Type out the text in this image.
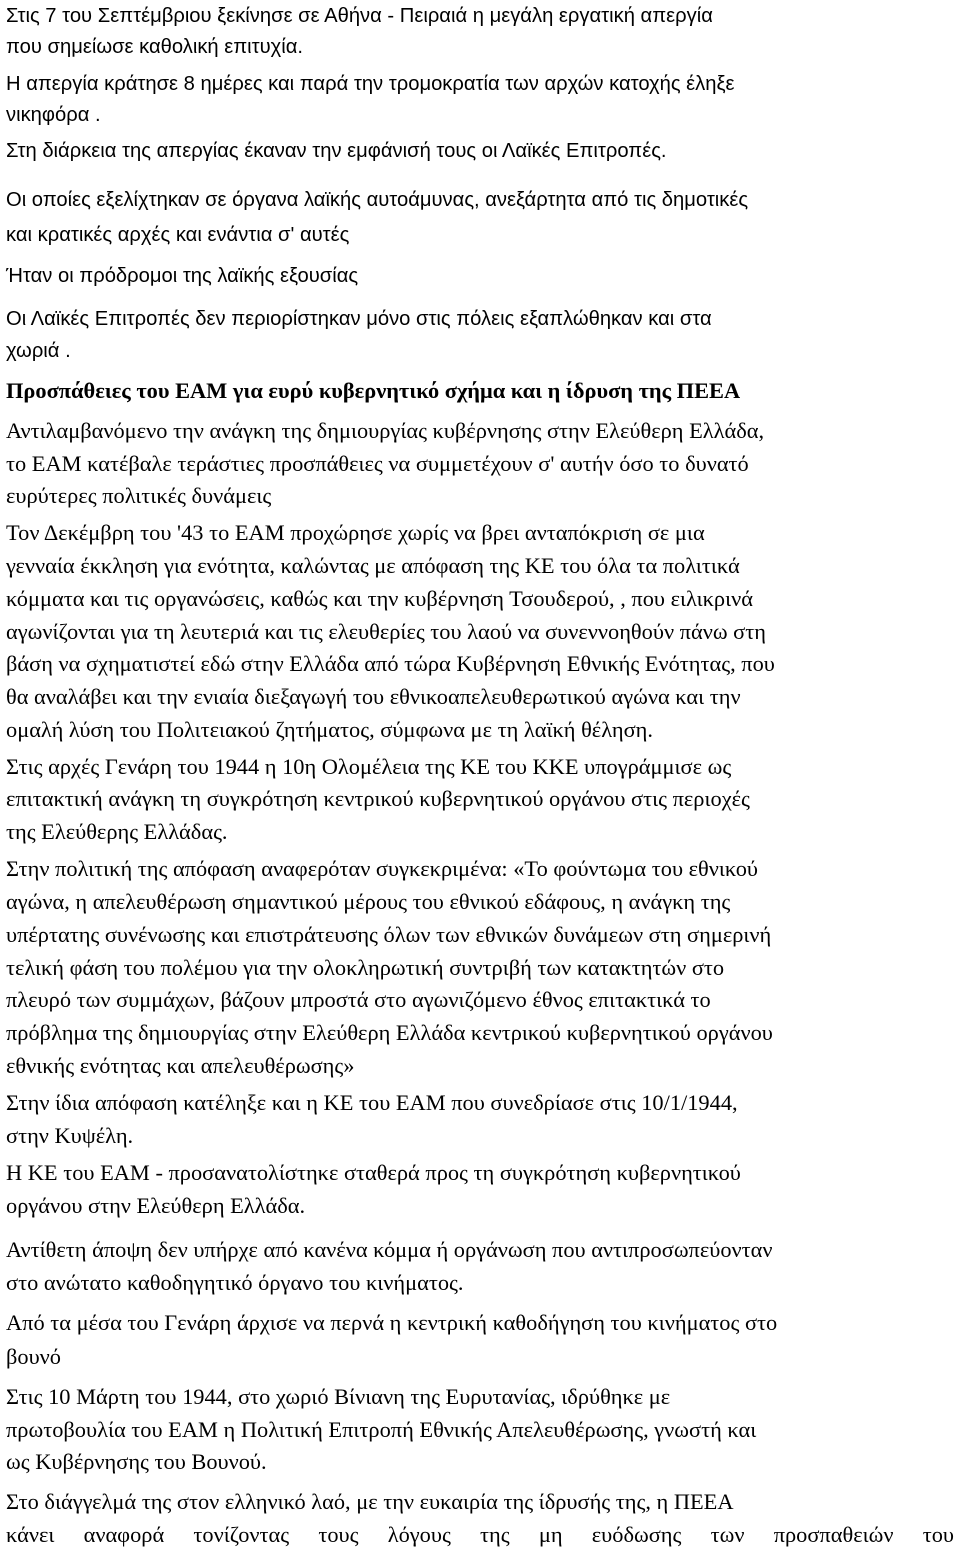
Στις 7 του Σεπτέμβριου ξεκίνησε σε Αθήνα - Πειραιά η μεγάλη εργατική απεργία
που σημείωσε καθολική επιτυχία.
Η απεργία κράτησε 8 ημέρες και παρά την τρομοκρατία των αρχών κατοχής έληξε
νικηφόρα .
Στη διάρκεια της απεργίας έκαναν την εμφάνισή τους οι Λαϊκές Επιτροπές.
Οι οποίες εξελίχτηκαν σε όργανα λαϊκής αυτοάμυνας, ανεξάρτητα από τις δημοτικές
και κρατικές αρχές και ενάντια σ' αυτές
Ήταν οι πρόδρομοι της λαϊκής εξουσίας
Οι Λαϊκές Επιτροπές δεν περιορίστηκαν μόνο στις πόλεις εξαπλώθηκαν και στα
χωριά .
Προσπάθειες του ΕΑΜ για ευρύ κυβερνητικό σχήμα και η ίδρυση της ΠΕΕΑ
Αντιλαμβανόμενο την ανάγκη της δημιουργίας κυβέρνησης στην Ελεύθερη Ελλάδα,
το ΕΑΜ κατέβαλε τεράστιες προσπάθειες να συμμετέχουν σ' αυτήν όσο το δυνατό
ευρύτερες πολιτικές δυνάμεις
Τον Δεκέμβρη του '43 το ΕΑΜ προχώρησε χωρίς να βρει ανταπόκριση σε μια
γενναία έκκληση για ενότητα, καλώντας με απόφαση της ΚΕ του όλα τα πολιτικά
κόμματα και τις οργανώσεις, καθώς και την κυβέρνηση Τσουδερού, , που ειλικρινά
αγωνίζονται για τη λευτεριά και τις ελευθερίες του λαού να συνεννοηθούν πάνω στη
βάση να σχηματιστεί εδώ στην Ελλάδα από τώρα Κυβέρνηση Εθνικής Ενότητας, που
θα αναλάβει και την ενιαία διεξαγωγή του εθνικοαπελευθερωτικού αγώνα και την
ομαλή λύση του Πολιτειακού ζητήματος, σύμφωνα με τη λαϊκή θέληση.
Στις αρχές Γενάρη του 1944 η 10η Ολομέλεια της ΚΕ του ΚΚΕ υπογράμμισε ως
επιτακτική ανάγκη τη συγκρότηση κεντρικού κυβερνητικού οργάνου στις περιοχές
της Ελεύθερης Ελλάδας.
Στην πολιτική της απόφαση αναφερόταν συγκεκριμένα: «Το φούντωμα του εθνικού
αγώνα, η απελευθέρωση σημαντικού μέρους του εθνικού εδάφους, η ανάγκη της
υπέρτατης συνένωσης και επιστράτευσης όλων των εθνικών δυνάμεων στη σημερινή
τελική φάση του πολέμου για την ολοκληρωτική συντριβή των κατακτητών στο
πλευρό των συμμάχων, βάζουν μπροστά στο αγωνιζόμενο έθνος επιτακτικά το
πρόβλημα της δημιουργίας στην Ελεύθερη Ελλάδα κεντρικού κυβερνητικού οργάνου
εθνικής ενότητας και απελευθέρωσης»
Στην ίδια απόφαση κατέληξε και η ΚΕ του ΕΑΜ που συνεδρίασε στις 10/1/1944,
στην Κυψέλη.
Η ΚΕ του ΕΑΜ - προσανατολίστηκε σταθερά προς τη συγκρότηση κυβερνητικού
οργάνου στην Ελεύθερη Ελλάδα.
Αντίθετη άποψη δεν υπήρχε από κανένα κόμμα ή οργάνωση που αντιπροσωπεύονταν
στο ανώτατο καθοδηγητικό όργανο του κινήματος.
Από τα μέσα του Γενάρη άρχισε να περνά η κεντρική καθοδήγηση του κινήματος στο
βουνό
Στις 10 Μάρτη του 1944, στο χωριό Βίνιανη της Ευρυτανίας, ιδρύθηκε με
πρωτοβουλία του ΕΑΜ η Πολιτική Επιτροπή Εθνικής Απελευθέρωσης, γνωστή και
ως Κυβέρνησης του Βουνού.
Στο διάγγελμά της στον ελληνικό λαό, με την ευκαιρία της ίδρυσής της, η ΠΕΕΑ
κάνει αναφορά τονίζοντας τους λόγους της μη ευόδωσης των προσπαθειών του
